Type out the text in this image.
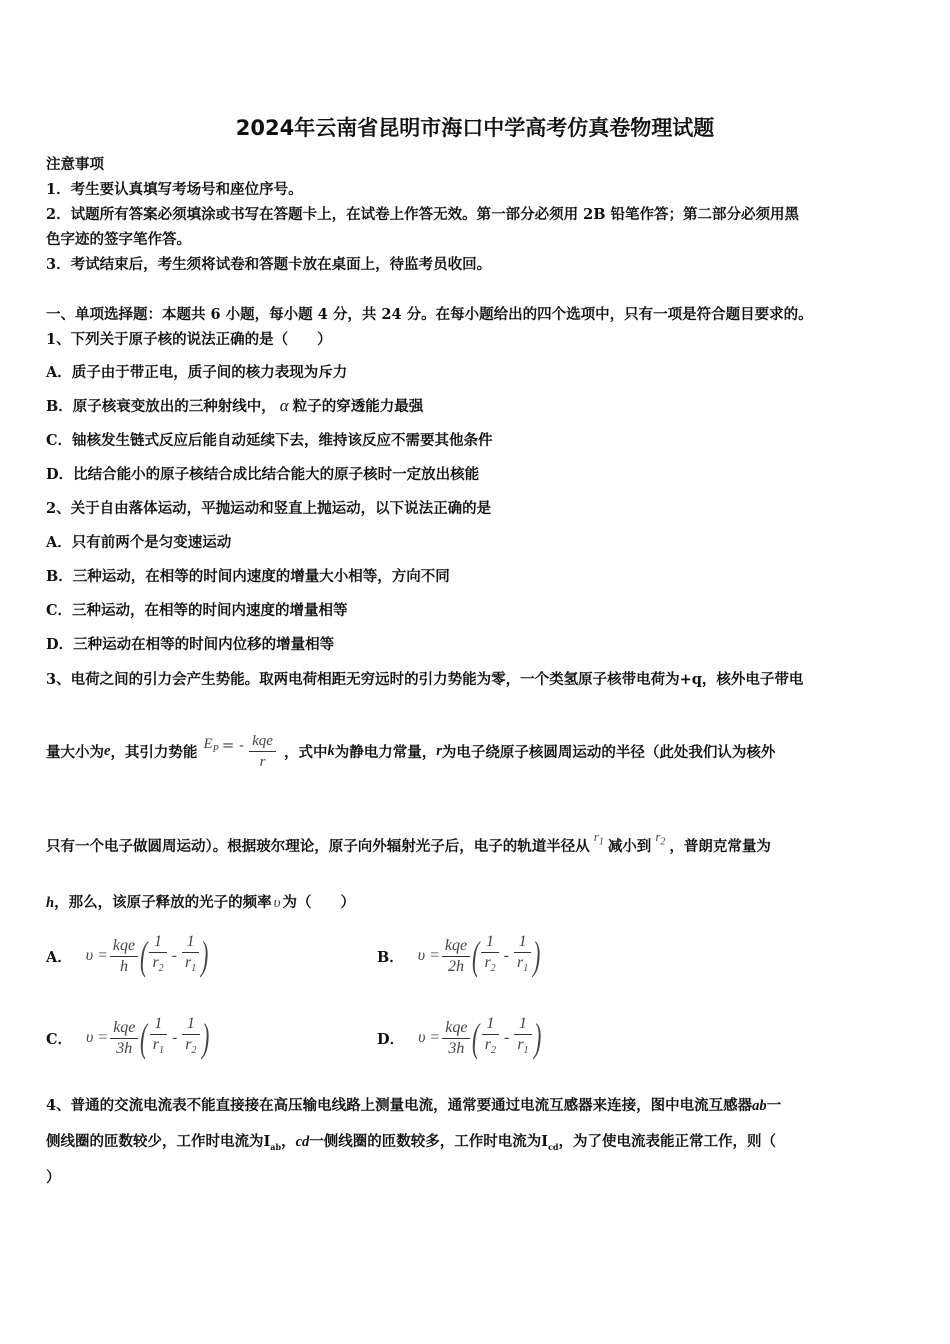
2024年云南省昆明市海口中学高考仿真卷物理试题
注意事项
1．考生要认真填写考场号和座位序号。
2．试题所有答案必须填涂或书写在答题卡上，在试卷上作答无效。第一部分必须用 2B 铅笔作答；第二部分必须用黑
色字迹的签字笔作答。
3．考试结束后，考生须将试卷和答题卡放在桌面上，待监考员收回。
一、单项选择题：本题共 6 小题，每小题 4 分，共 24 分。在每小题给出的四个选项中，只有一项是符合题目要求的。
1、下列关于原子核的说法正确的是（　　）
A．质子由于带正电，质子间的核力表现为斥力
B．原子核衰变放出的三种射线中， α 粒子的穿透能力最强
C．铀核发生链式反应后能自动延续下去，维持该反应不需要其他条件
D．比结合能小的原子核结合成比结合能大的原子核时一定放出核能
2、关于自由落体运动，平抛运动和竖直上抛运动，以下说法正确的是
A．只有前两个是匀变速运动
B．三种运动，在相等的时间内速度的增量大小相等，方向不同
C．三种运动，在相等的时间内速度的增量相等
D．三种运动在相等的时间内位移的增量相等
3、电荷之间的引力会产生势能。取两电荷相距无穷远时的引力势能为零，一个类氢原子核带电荷为+q，核外电子带电
量大小为 e ，其引力势能 $E_P$ = - $\frac{\text{kqe}}{r}$ ，式中 k 为静电力常量， r 为电子绕原子核圆周运动的半径（此处我们认为核外
只有一个电子做圆周运动）。根据玻尔理论，原子向外辐射光子后，电子的轨道半径从$r_1$ 减小到$r_2$ ，普朗克常量为
h，那么，该原子释放的光子的频率 υ 为（　　）
A． $\upsilon = \frac{\text{kqe}}{h}$ ( $\frac{1}{r_2} - \frac{1}{r_1}$ )	B． $\upsilon = \frac{\text{kqe}}{2h}$ ( $\frac{1}{r_2} - \frac{1}{r_1}$ )
C． $\upsilon = \frac{\text{kqe}}{3h}$ ( $\frac{1}{r_1} - \frac{1}{r_2}$ )	D． $\upsilon = \frac{\text{kqe}}{3h}$ ( $\frac{1}{r_2} - \frac{1}{r_1}$ )
4、普通的交流电流表不能直接接在高压输电线路上测量电流，通常要通过电流互感器来连接，图中电流互感器ab一
侧线圈的匝数较少，工作时电流为$I_{ab}$，cd一侧线圈的匝数较多，工作时电流为$I_{cd}$，为了使电流表能正常工作，则（
）
